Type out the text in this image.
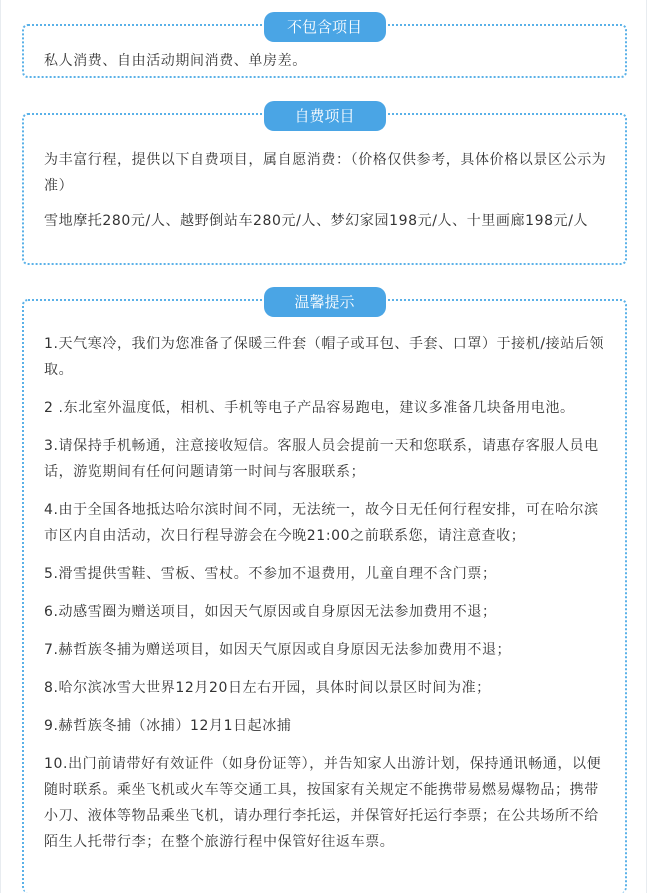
不包含项目

私人消费、自由活动期间消费、单房差。

自费项目

为丰富行程，提供以下自费项目，属自愿消费：（价格仅供参考，具体价格以景区公示为准）

雪地摩托280元/人、越野倒站车280元/人、梦幻家园198元/人、十里画廊198元/人

温馨提示

1.天气寒冷，我们为您准备了保暖三件套（帽子或耳包、手套、口罩）于接机/接站后领取。

2 .东北室外温度低，相机、手机等电子产品容易跑电，建议多准备几块备用电池。

3.请保持手机畅通，注意接收短信。客服人员会提前一天和您联系，请惠存客服人员电话，游览期间有任何问题请第一时间与客服联系；

4.由于全国各地抵达哈尔滨时间不同，无法统一，故今日无任何行程安排，可在哈尔滨市区内自由活动，次日行程导游会在今晚21:00之前联系您，请注意查收；

5.滑雪提供雪鞋、雪板、雪杖。不参加不退费用，儿童自理不含门票；

6.动感雪圈为赠送项目，如因天气原因或自身原因无法参加费用不退；

7.赫哲族冬捕为赠送项目，如因天气原因或自身原因无法参加费用不退；

8.哈尔滨冰雪大世界12月20日左右开园，具体时间以景区时间为准；

9.赫哲族冬捕（冰捕）12月1日起冰捕

10.出门前请带好有效证件（如身份证等），并告知家人出游计划，保持通讯畅通，以便随时联系。乘坐飞机或火车等交通工具，按国家有关规定不能携带易燃易爆物品；携带小刀、液体等物品乘坐飞机，请办理行李托运，并保管好托运行李票；在公共场所不给陌生人托带行李；在整个旅游行程中保管好往返车票。
